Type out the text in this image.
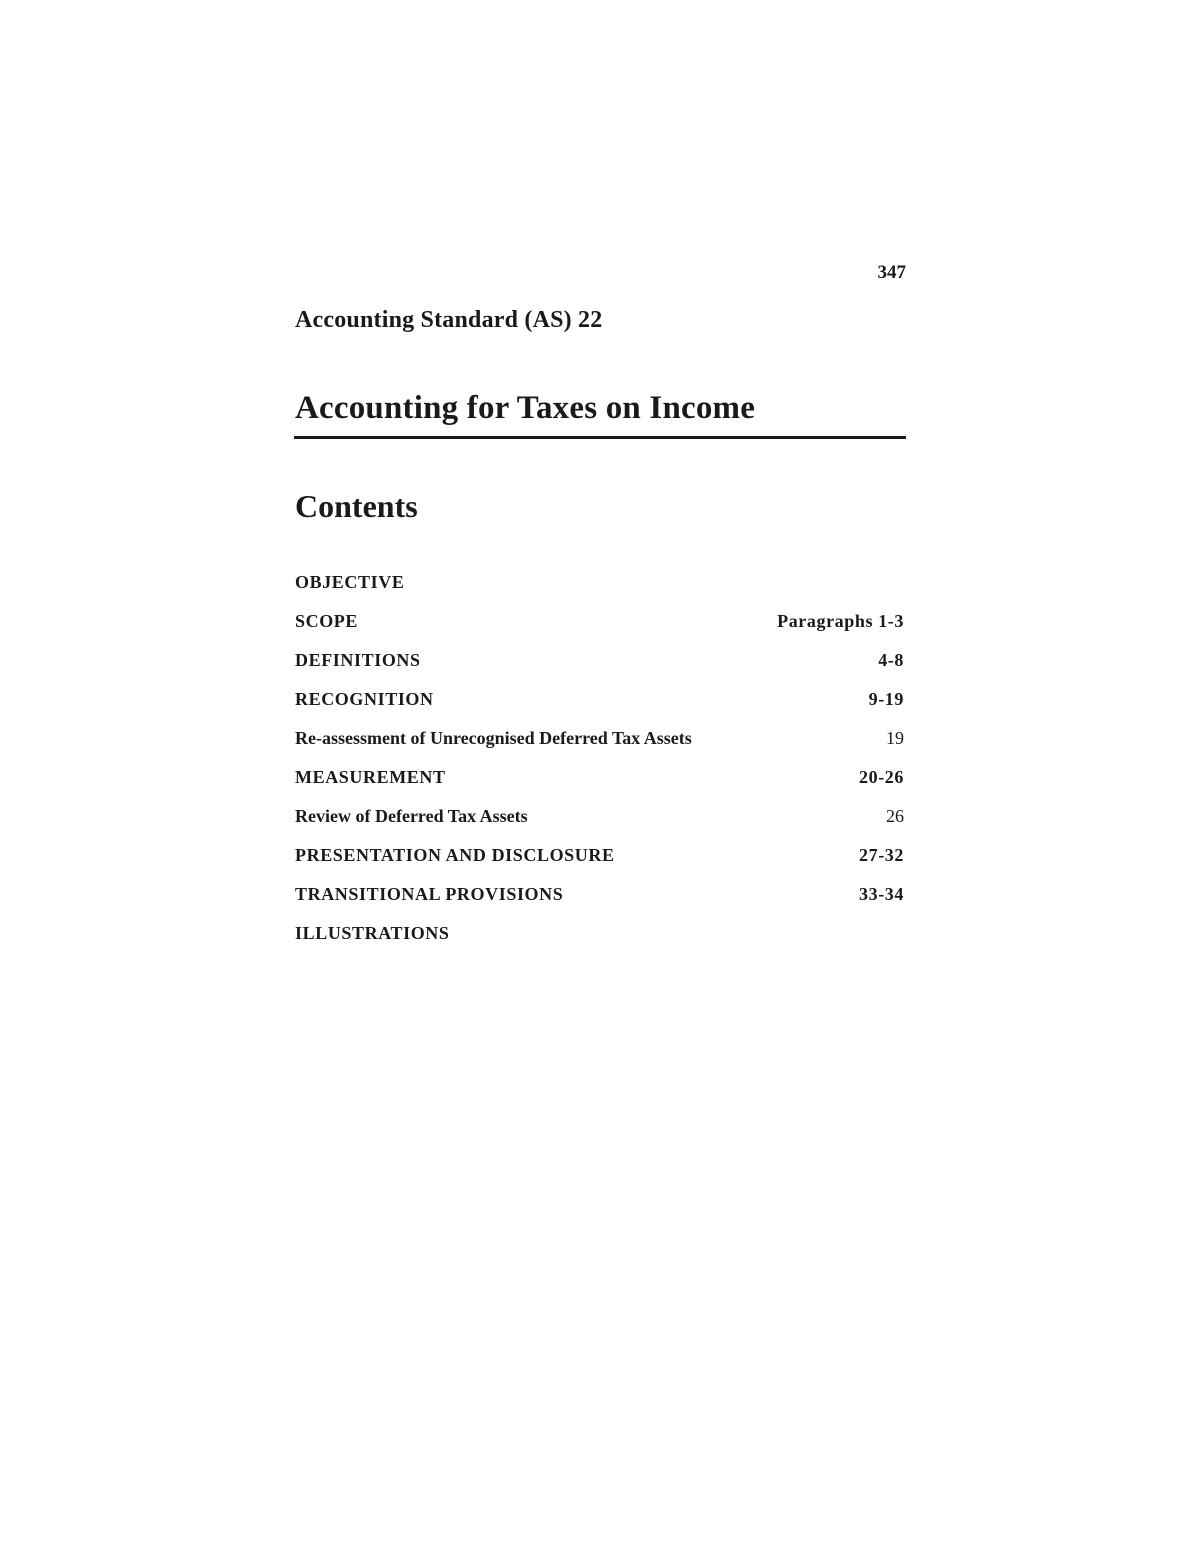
347
Accounting Standard (AS) 22
Accounting for Taxes on Income
Contents
OBJECTIVE
SCOPE	Paragraphs 1-3
DEFINITIONS	4-8
RECOGNITION	9-19
Re-assessment of Unrecognised Deferred Tax Assets	19
MEASUREMENT	20-26
Review of Deferred Tax Assets	26
PRESENTATION AND DISCLOSURE	27-32
TRANSITIONAL PROVISIONS	33-34
ILLUSTRATIONS
